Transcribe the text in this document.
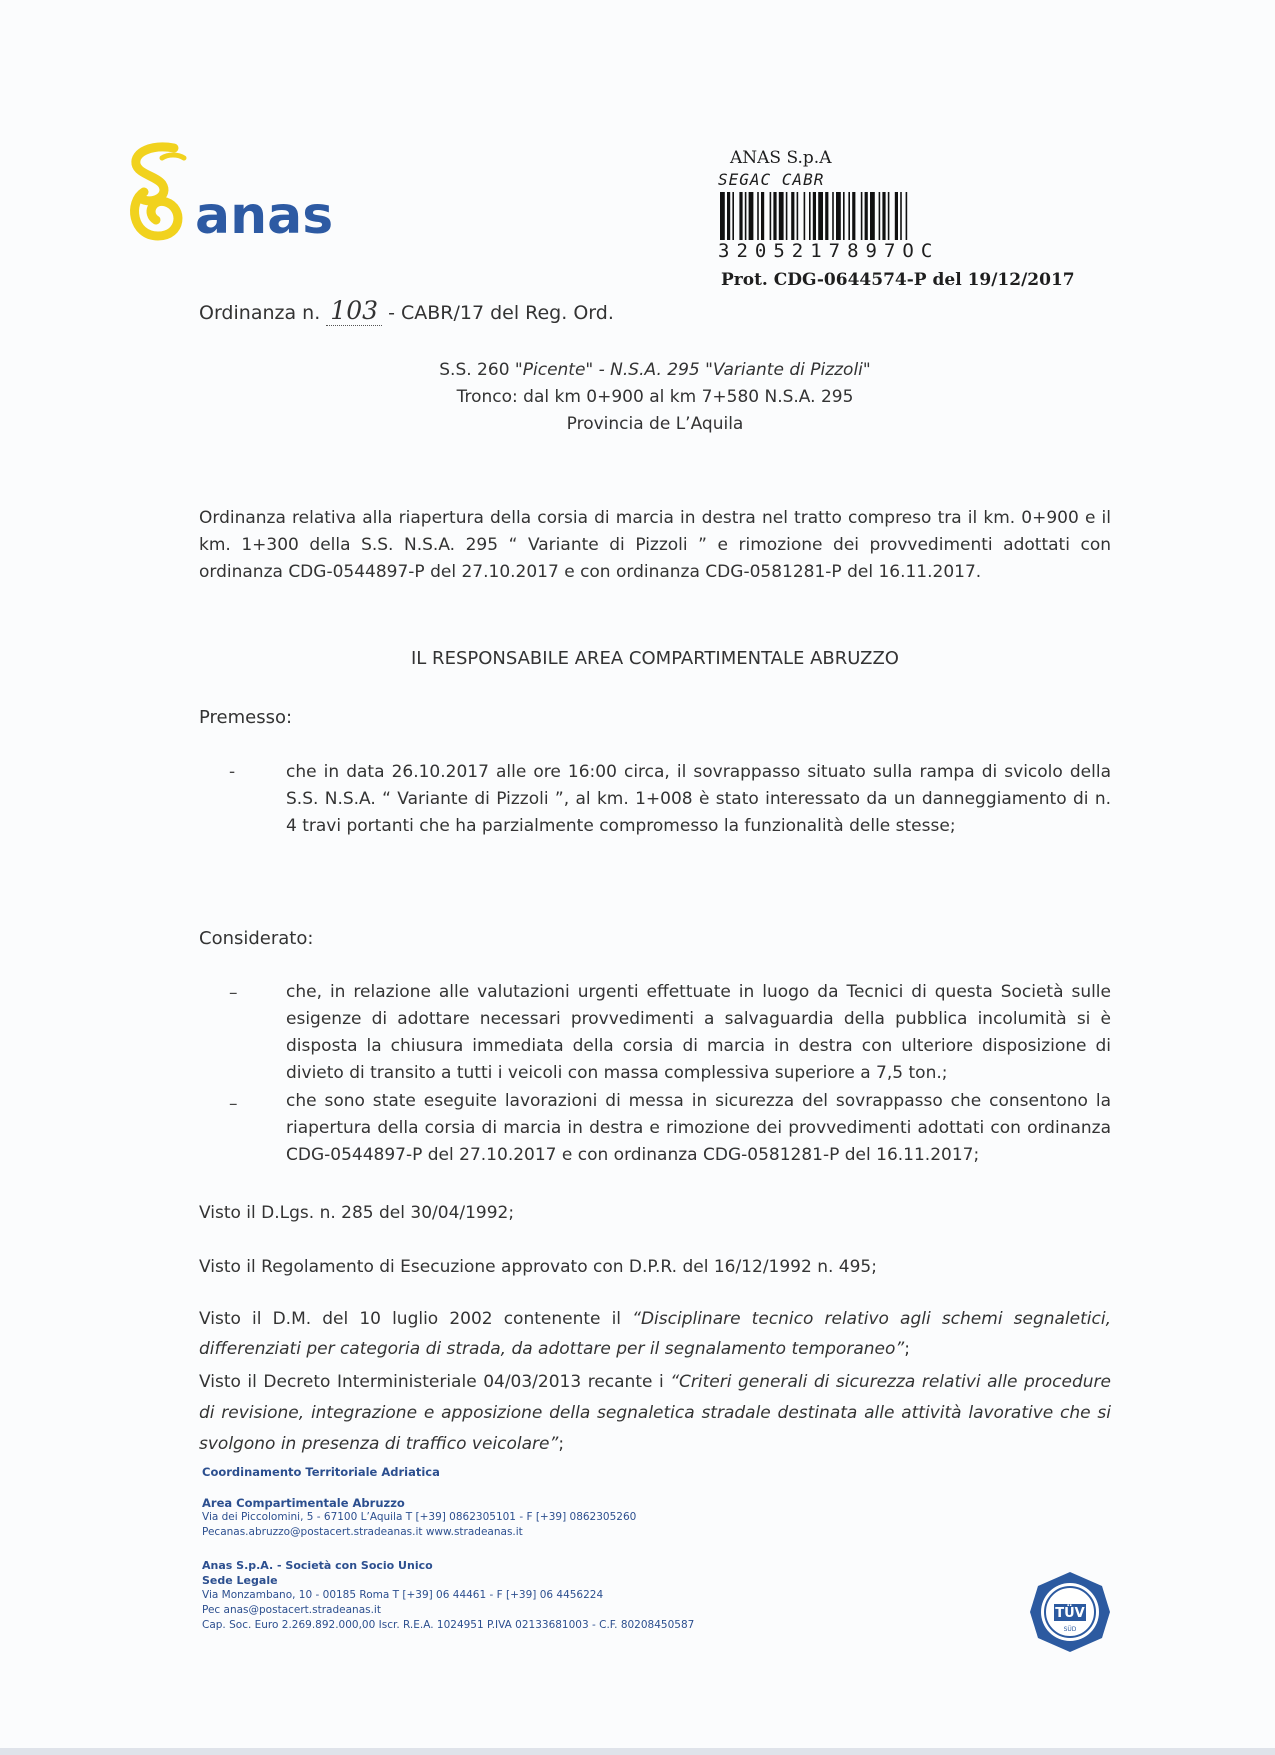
anas
ANAS S.p.A
SEGAC CABR
3205217897OC
Prot. CDG-0644574-P del 19/12/2017
Ordinanza n. 103 - CABR/17 del Reg. Ord.
S.S. 260 "Picente" - N.S.A. 295 "Variante di Pizzoli"
Tronco: dal km 0+900 al km 7+580 N.S.A. 295
Provincia de L’Aquila
Ordinanza relativa alla riapertura della corsia di marcia in destra nel tratto compreso tra il km. 0+900 e il km. 1+300 della S.S. N.S.A. 295 “ Variante di Pizzoli ” e rimozione dei provvedimenti adottati con ordinanza CDG-0544897-P del 27.10.2017 e con ordinanza CDG-0581281-P del 16.11.2017.
IL RESPONSABILE AREA COMPARTIMENTALE ABRUZZO
Premesso:
-	che in data 26.10.2017 alle ore 16:00 circa, il sovrappasso situato sulla rampa di svicolo della S.S. N.S.A. “ Variante di Pizzoli ”, al km. 1+008 è stato interessato da un danneggiamento di n. 4 travi portanti che ha parzialmente compromesso la funzionalità delle stesse;
Considerato:
–	che, in relazione alle valutazioni urgenti effettuate in luogo da Tecnici di questa Società sulle esigenze di adottare necessari provvedimenti a salvaguardia della pubblica incolumità si è disposta la chiusura immediata della corsia di marcia in destra con ulteriore disposizione di divieto di transito a tutti i veicoli con massa complessiva superiore a 7,5 ton.;
–	che sono state eseguite lavorazioni di messa in sicurezza del sovrappasso che consentono la riapertura della corsia di marcia in destra e rimozione dei provvedimenti adottati con ordinanza CDG-0544897-P del 27.10.2017 e con ordinanza CDG-0581281-P del 16.11.2017;
Visto il D.Lgs. n. 285 del 30/04/1992;
Visto il Regolamento di Esecuzione approvato con D.P.R. del 16/12/1992 n. 495;
Visto il D.M. del 10 luglio 2002 contenente il “Disciplinare tecnico relativo agli schemi segnaletici, differenziati per categoria di strada, da adottare per il segnalamento temporaneo”;
Visto il Decreto Interministeriale 04/03/2013 recante i “Criteri generali di sicurezza relativi alle procedure di revisione, integrazione e apposizione della segnaletica stradale destinata alle attività lavorative che si svolgono in presenza di traffico veicolare”;
Coordinamento Territoriale Adriatica
Area Compartimentale Abruzzo
Via dei Piccolomini, 5 - 67100 L’Aquila T [+39] 0862305101 - F [+39] 0862305260
Pecanas.abruzzo@postacert.stradeanas.it www.stradeanas.it
Anas S.p.A. - Società con Socio Unico
Sede Legale
Via Monzambano, 10 - 00185 Roma T [+39] 06 44461 - F [+39] 06 4456224
Pec anas@postacert.stradeanas.it
Cap. Soc. Euro 2.269.892.000,00 Iscr. R.E.A. 1024951 P.IVA 02133681003 - C.F. 80208450587
TÜV
SÜD
